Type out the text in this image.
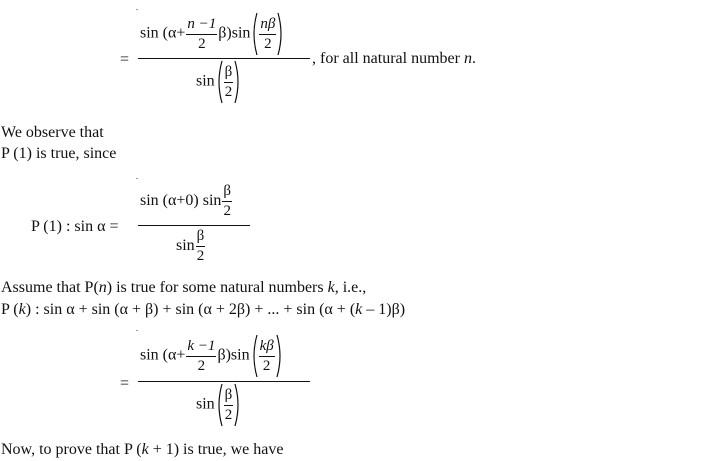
=
$\sin (\alpha+ \frac{n -1}{2} \beta)\sin \frac{n\beta}{2}$
$\sin \frac{\beta}{2}$
, for all natural number n.
We observe that
P (1) is true, since
P (1) : sin α =
sin (α+0) $\sin \frac{\beta}{2}$
$\sin \frac{\beta}{2}$
Assume that P(n) is true for some natural numbers k, i.e.,
P (k) : sin α + sin (α + β) + sin (α + 2β) + ... + sin (α + (k – 1)β)
=
$\sin (\alpha+ \frac{k -1}{2} \beta)\sin \frac{k\beta}{2}$
$\sin \frac{\beta}{2}$
Now, to prove that P (k + 1) is true, we have
